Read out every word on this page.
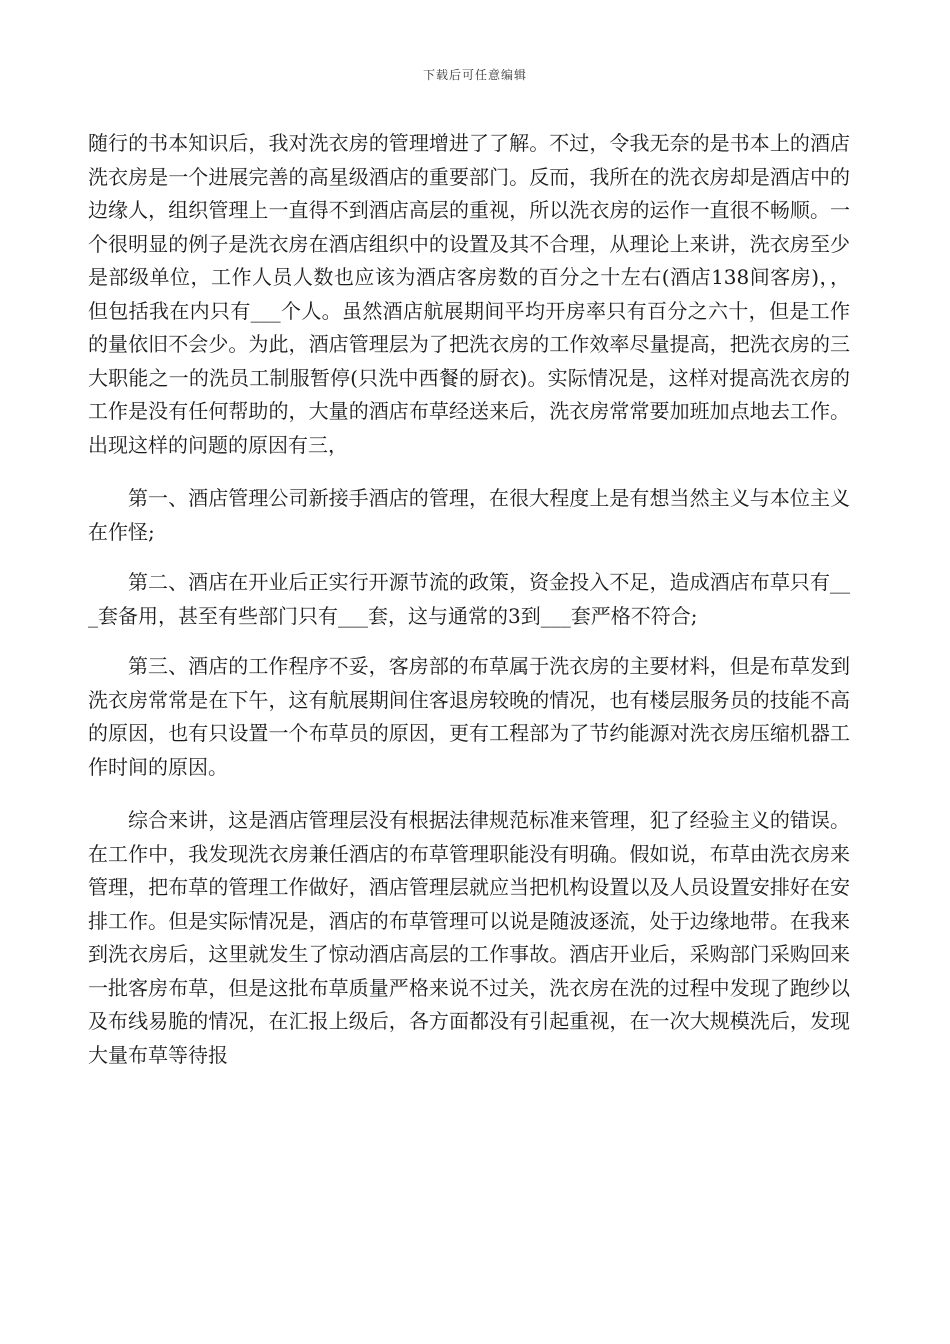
下载后可任意编辑

随行的书本知识后，我对洗衣房的管理增进了了解。不过，令我无奈的是书本上的酒店洗衣房是一个进展完善的高星级酒店的重要部门。反而，我所在的洗衣房却是酒店中的边缘人，组织管理上一直得不到酒店高层的重视，所以洗衣房的运作一直很不畅顺。一个很明显的例子是洗衣房在酒店组织中的设置及其不合理，从理论上来讲，洗衣房至少是部级单位，工作人员人数也应该为酒店客房数的百分之十左右(酒店138间客房)，，但包括我在内只有___个人。虽然酒店航展期间平均开房率只有百分之六十，但是工作的量依旧不会少。为此，酒店管理层为了把洗衣房的工作效率尽量提高，把洗衣房的三大职能之一的洗员工制服暂停(只洗中西餐的厨衣)。实际情况是，这样对提高洗衣房的工作是没有任何帮助的，大量的酒店布草经送来后，洗衣房常常要加班加点地去工作。出现这样的问题的原因有三，

第一、酒店管理公司新接手酒店的管理，在很大程度上是有想当然主义与本位主义在作怪;

第二、酒店在开业后正实行开源节流的政策，资金投入不足，造成酒店布草只有___套备用，甚至有些部门只有___套，这与通常的3到___套严格不符合;

第三、酒店的工作程序不妥，客房部的布草属于洗衣房的主要材料，但是布草发到洗衣房常常是在下午，这有航展期间住客退房较晚的情况，也有楼层服务员的技能不高的原因，也有只设置一个布草员的原因，更有工程部为了节约能源对洗衣房压缩机器工作时间的原因。

综合来讲，这是酒店管理层没有根据法律规范标准来管理，犯了经验主义的错误。在工作中，我发现洗衣房兼任酒店的布草管理职能没有明确。假如说，布草由洗衣房来管理，把布草的管理工作做好，酒店管理层就应当把机构设置以及人员设置安排好在安排工作。但是实际情况是，酒店的布草管理可以说是随波逐流，处于边缘地带。在我来到洗衣房后，这里就发生了惊动酒店高层的工作事故。酒店开业后，采购部门采购回来一批客房布草，但是这批布草质量严格来说不过关，洗衣房在洗的过程中发现了跑纱以及布线易脆的情况，在汇报上级后，各方面都没有引起重视，在一次大规模洗后，发现大量布草等待报
